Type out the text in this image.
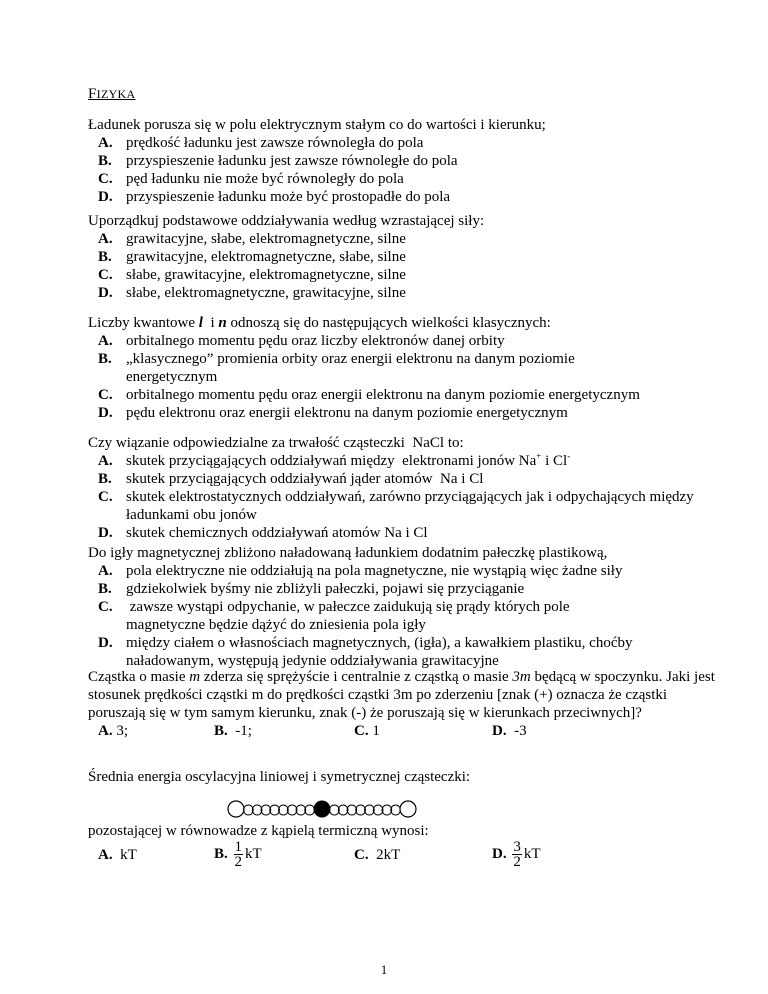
FIZYKA

Ładunek porusza się w polu elektrycznym stałym co do wartości i kierunku;

A. prędkość ładunku jest zawsze równoległa do pola
B. przyspieszenie ładunku jest zawsze równoległe do pola
C. pęd ładunku nie może być równoległy do pola
D. przyspieszenie ładunku może być prostopadłe do pola

Uporządkuj podstawowe oddziaływania według wzrastającej siły:

A. grawitacyjne, słabe, elektromagnetyczne, silne
B. grawitacyjne, elektromagnetyczne, słabe, silne
C. słabe, grawitacyjne, elektromagnetyczne, silne
D. słabe, elektromagnetyczne, grawitacyjne, silne

Liczby kwantowe l  i n odnoszą się do następujących wielkości klasycznych:

A. orbitalnego momentu pędu oraz liczby elektronów danej orbity
B. „klasycznego” promienia orbity oraz energii elektronu na danym poziomie energetycznym
C. orbitalnego momentu pędu oraz energii elektronu na danym poziomie energetycznym
D. pędu elektronu oraz energii elektronu na danym poziomie energetycznym

Czy wiązanie odpowiedzialne za trwałość cząsteczki  NaCl to:

A. skutek przyciągających oddziaływań między  elektronami jonów Na+ i Cl-
B. skutek przyciągających oddziaływań jąder atomów  Na i Cl
C. skutek elektrostatycznych oddziaływań, zarówno przyciągających jak i odpychających między ładunkami obu jonów
D. skutek chemicznych oddziaływań atomów Na i Cl

Do igły magnetycznej zbliżono naładowaną ładunkiem dodatnim pałeczkę plastikową,

A. pola elektryczne nie oddziałują na pola magnetyczne, nie wystąpią więc żadne siły
B. gdziekolwiek byśmy nie zbliżyli pałeczki, pojawi się przyciąganie
C. zawsze wystąpi odpychanie, w pałeczce zaidukują się prądy których pole magnetyczne będzie dążyć do zniesienia pola igły
D. między ciałem o własnościach magnetycznych, (igła), a kawałkiem plastiku, choćby naładowanym, występują jedynie oddziaływania grawitacyjne

Cząstka o masie m zderza się sprężyście i centralnie z cząstką o masie 3m będącą w spoczynku. Jaki jest stosunek prędkości cząstki m do prędkości cząstki 3m po zderzeniu [znak (+) oznacza że cząstki poruszają się w tym samym kierunku, znak (-) że poruszają się w kierunkach przeciwnych]?

A. 3;	B.  -1;	C. 1	D.  -3

Średnia energia oscylacyjna liniowej i symetrycznej cząsteczki:

pozostającej w równowadze z kąpielą termiczną wynosi:

A.  kT	B. $\frac{1}{2}$ kT	C.  2kT	D. $\frac{3}{2}$ kT
1
